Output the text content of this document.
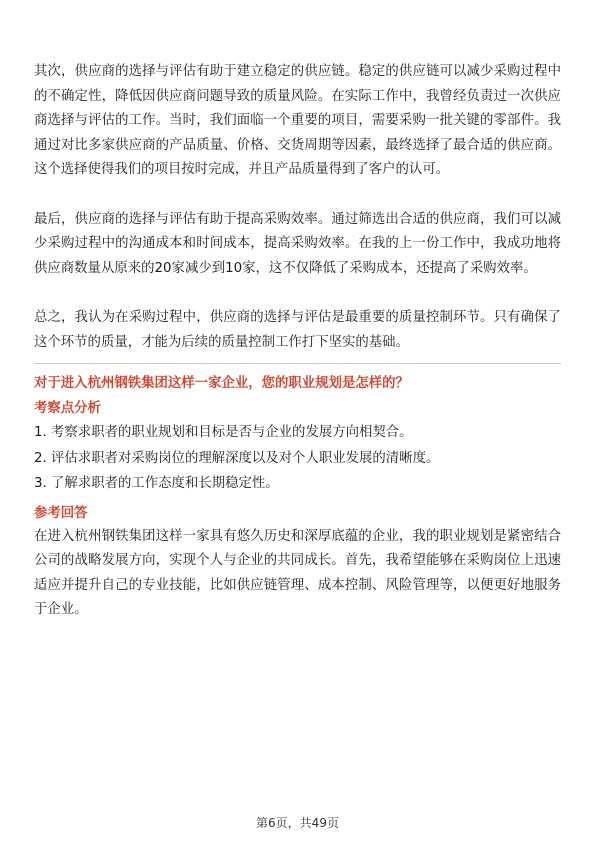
其次，供应商的选择与评估有助于建立稳定的供应链。稳定的供应链可以减少采购过程中的不确定性，降低因供应商问题导致的质量风险。在实际工作中，我曾经负责过一次供应商选择与评估的工作。当时，我们面临一个重要的项目，需要采购一批关键的零部件。我通过对比多家供应商的产品质量、价格、交货周期等因素，最终选择了最合适的供应商。这个选择使得我们的项目按时完成，并且产品质量得到了客户的认可。

最后，供应商的选择与评估有助于提高采购效率。通过筛选出合适的供应商，我们可以减少采购过程中的沟通成本和时间成本，提高采购效率。在我的上一份工作中，我成功地将供应商数量从原来的20家减少到10家，这不仅降低了采购成本，还提高了采购效率。

总之，我认为在采购过程中，供应商的选择与评估是最重要的质量控制环节。只有确保了这个环节的质量，才能为后续的质量控制工作打下坚实的基础。

对于进入杭州钢铁集团这样一家企业，您的职业规划是怎样的？

考察点分析

1. 考察求职者的职业规划和目标是否与企业的发展方向相契合。
2. 评估求职者对采购岗位的理解深度以及对个人职业发展的清晰度。
3. 了解求职者的工作态度和长期稳定性。

参考回答

在进入杭州钢铁集团这样一家具有悠久历史和深厚底蕴的企业，我的职业规划是紧密结合公司的战略发展方向，实现个人与企业的共同成长。首先，我希望能够在采购岗位上迅速适应并提升自己的专业技能，比如供应链管理、成本控制、风险管理等，以便更好地服务于企业。

第6页，共49页
